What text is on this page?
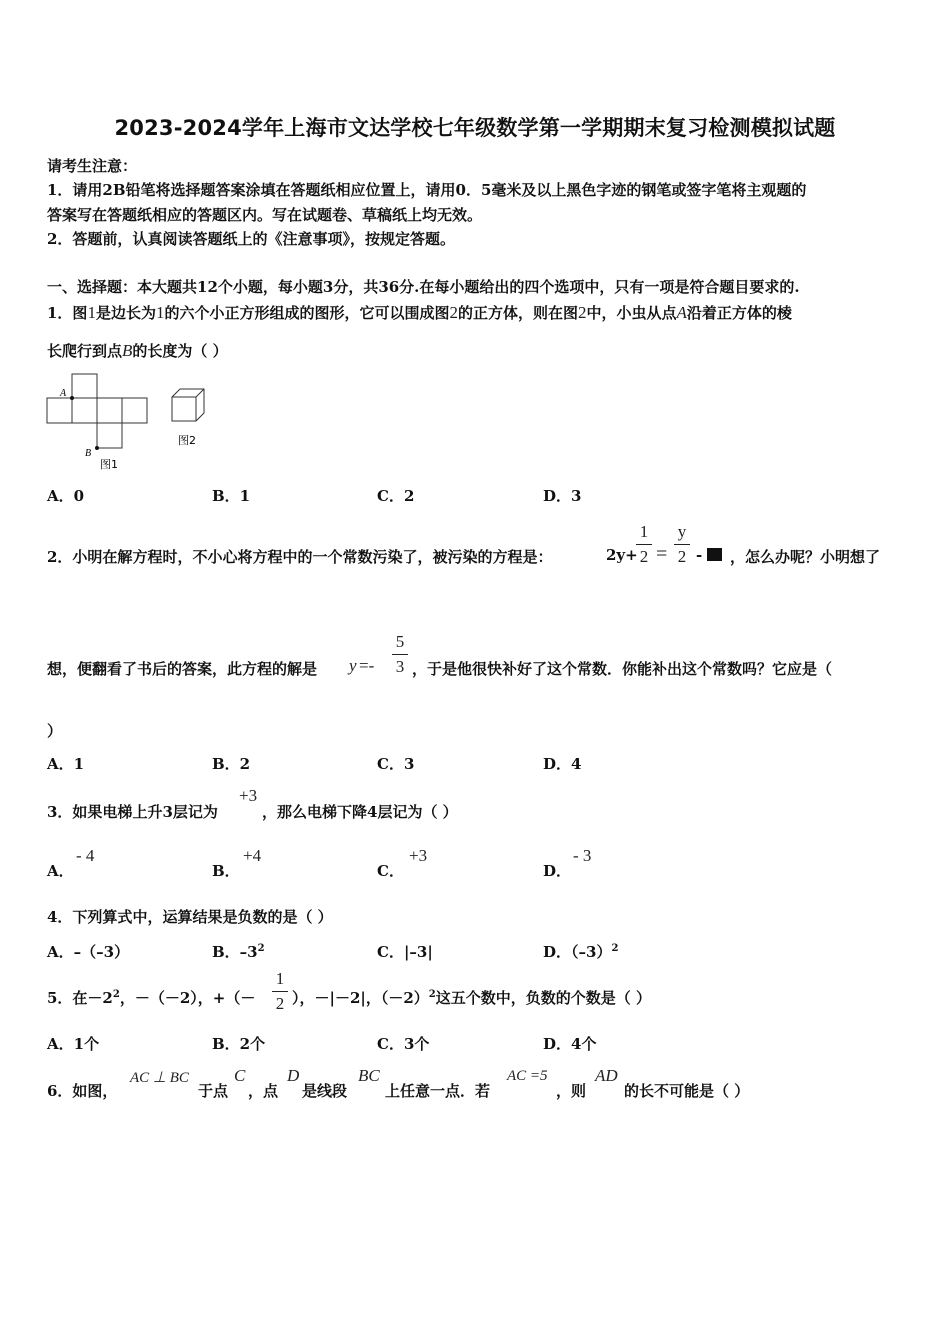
2023-2024学年上海市文达学校七年级数学第一学期期末复习检测模拟试题
请考生注意：
1．请用2B铅笔将选择题答案涂填在答题纸相应位置上，请用0．5毫米及以上黑色字迹的钢笔或签字笔将主观题的
答案写在答题纸相应的答题区内。写在试题卷、草稿纸上均无效。
2．答题前，认真阅读答题纸上的《注意事项》，按规定答题。
一、选择题：本大题共12个小题，每小题3分，共36分.在每小题给出的四个选项中，只有一项是符合题目要求的.
1．图1是边长为1的六个小正方形组成的图形，它可以围成图2的正方体，则在图2中，小虫从点A沿着正方体的棱
长爬行到点B的长度为（ ）
A
B
图1
图2
A．0	B．1	C．2	D．3
2．小明在解方程时，不小心将方程中的一个常数污染了，被污染的方程是：	2y+
1
2 =
y
2 -	，怎么办呢？小明想了
想，便翻看了书后的答案，此方程的解是 y =-
5
3 ，于是他很快补好了这个常数．你能补出这个常数吗？它应是（
）
A．1	B．2	C．3	D．4
3．如果电梯上升3层记为
+3
，那么电梯下降4层记为（ ）
A．
- 4
B．
+4
C．
+3
D．
- 3
4．下列算式中，运算结果是负数的是（ ）
A．–（–3）	B．$-3^2$	C．|–3|	D．$(-3)^2$
5．在$-2^2$，－（－2），+（－
1
2 ），－|－2|，$(-2)^2$这五个数中，负数的个数是（ ）
A．1个	B．2个	C．3个	D．4个
6．如图，
AC ⊥ BC
于点
C
，点
D
是线段
BC
上任意一点．若
AC =5
，则
AD
的长不可能是（ ）
